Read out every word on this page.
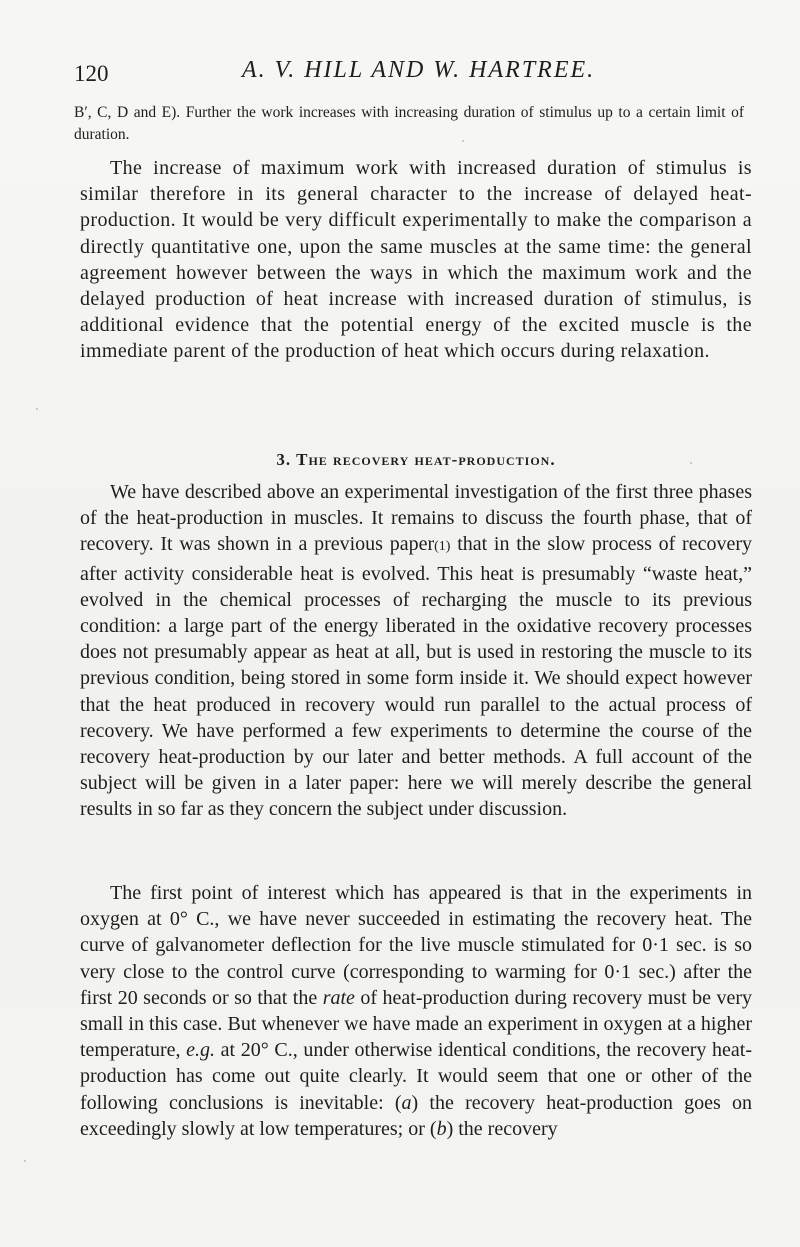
120	A. V. HILL AND W. HARTREE.

B′, C, D and E). Further the work increases with increasing duration of stimulus up to a certain limit of duration.

The increase of maximum work with increased duration of stimulus is similar therefore in its general character to the increase of delayed heat-production. It would be very difficult experimentally to make the comparison a directly quantitative one, upon the same muscles at the same time: the general agreement however between the ways in which the maximum work and the delayed production of heat increase with increased duration of stimulus, is additional evidence that the potential energy of the excited muscle is the immediate parent of the production of heat which occurs during relaxation.

3. The recovery heat-production.

We have described above an experimental investigation of the first three phases of the heat-production in muscles. It remains to discuss the fourth phase, that of recovery. It was shown in a previous paper(1) that in the slow process of recovery after activity considerable heat is evolved. This heat is presumably “waste heat,” evolved in the chemical processes of recharging the muscle to its previous condition: a large part of the energy liberated in the oxidative recovery processes does not presumably appear as heat at all, but is used in restoring the muscle to its previous condition, being stored in some form inside it. We should expect however that the heat produced in recovery would run parallel to the actual process of recovery. We have performed a few experiments to determine the course of the recovery heat-production by our later and better methods. A full account of the subject will be given in a later paper: here we will merely describe the general results in so far as they concern the subject under discussion.

The first point of interest which has appeared is that in the experiments in oxygen at 0° C., we have never succeeded in estimating the recovery heat. The curve of galvanometer deflection for the live muscle stimulated for 0·1 sec. is so very close to the control curve (corresponding to warming for 0·1 sec.) after the first 20 seconds or so that the rate of heat-production during recovery must be very small in this case. But whenever we have made an experiment in oxygen at a higher temperature, e.g. at 20° C., under otherwise identical conditions, the recovery heat-production has come out quite clearly. It would seem that one or other of the following conclusions is inevitable: (a) the recovery heat-production goes on exceedingly slowly at low temperatures; or (b) the recovery
